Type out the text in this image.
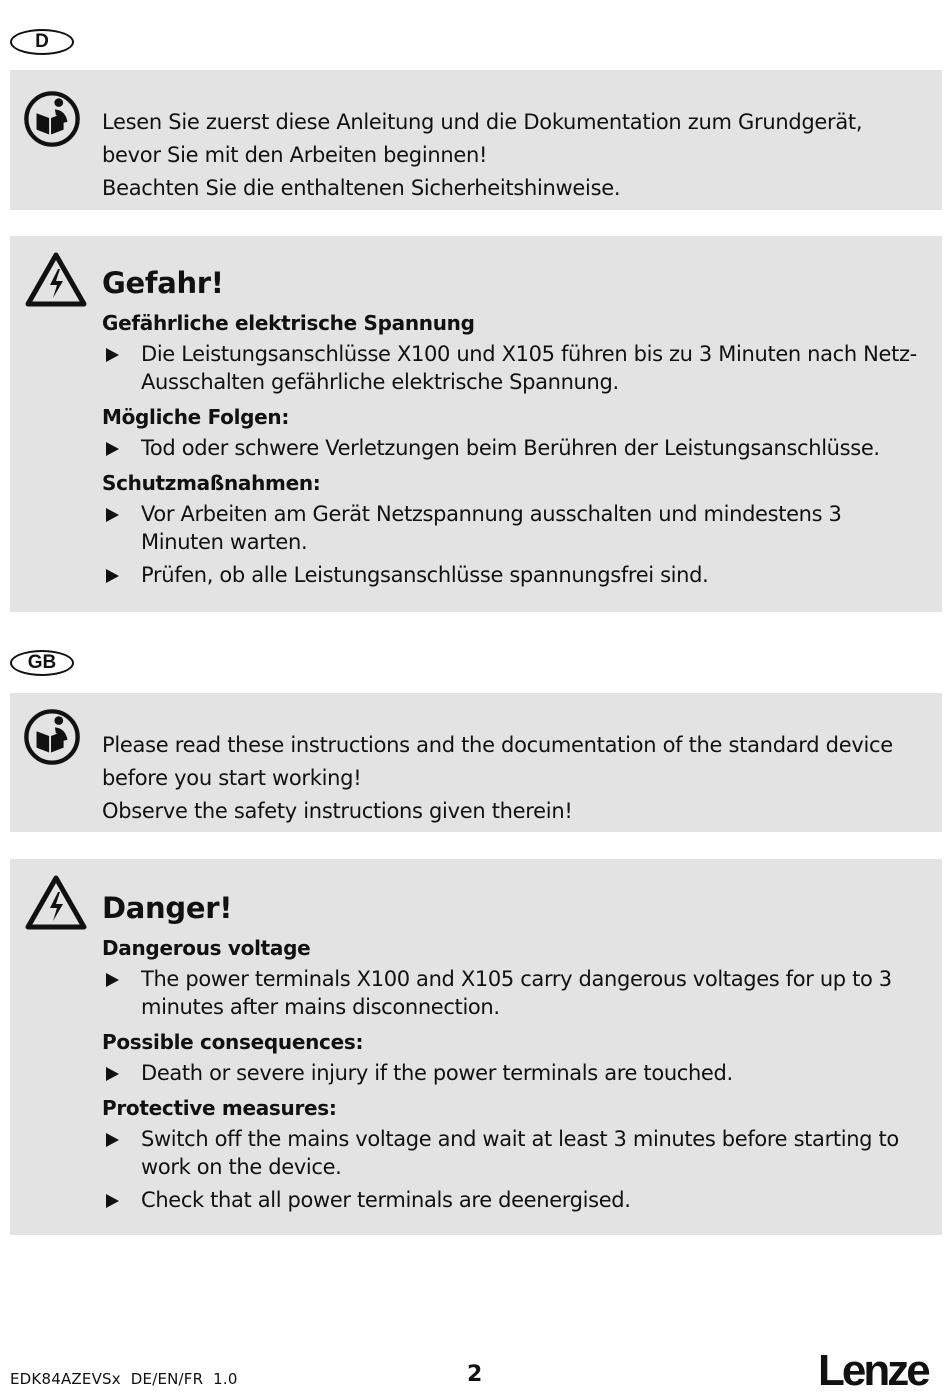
D

Lesen Sie zuerst diese Anleitung und die Dokumentation zum Grundgerät,

bevor Sie mit den Arbeiten beginnen!

Beachten Sie die enthaltenen Sicherheitshinweise.

Gefahr!
Gefährliche elektrische Spannung
Die Leistungsanschlüsse X100 und X105 führen bis zu 3 Minuten nach Netz-Ausschalten gefährliche elektrische Spannung.
Mögliche Folgen:
Tod oder schwere Verletzungen beim Berühren der Leistungsanschlüsse.
Schutzmaßnahmen:
Vor Arbeiten am Gerät Netzspannung ausschalten und mindestens 3 Minuten warten.
Prüfen, ob alle Leistungsanschlüsse spannungsfrei sind.
GB

Please read these instructions and the documentation of the standard device

before you start working!

Observe the safety instructions given therein!

Danger!
Dangerous voltage
The power terminals X100 and X105 carry dangerous voltages for up to 3 minutes after mains disconnection.
Possible consequences:
Death or severe injury if the power terminals are touched.
Protective measures:
Switch off the mains voltage and wait at least 3 minutes before starting to work on the device.
Check that all power terminals are deenergised.
EDK84AZEVSx  DE/EN/FR  1.0	2	Lenze
